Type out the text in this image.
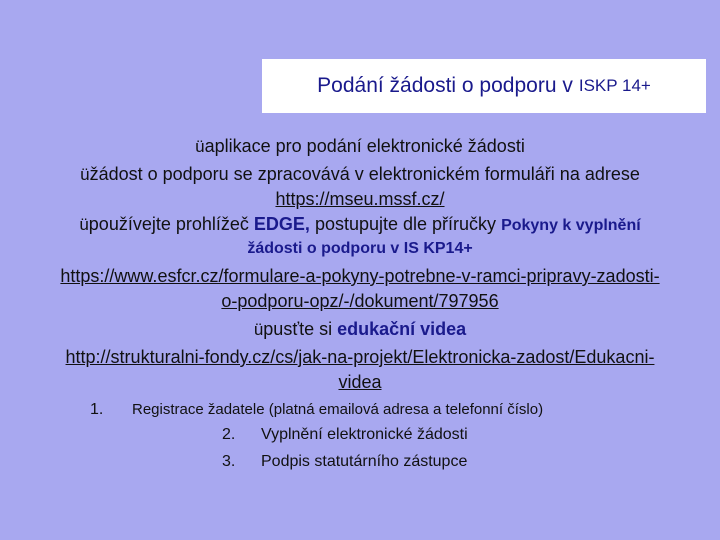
Podání žádosti o podporu v ISKP 14+
üaplikace pro podání elektronické žádosti
üžádost o podporu se zpracovává v elektronickém formuláři na adrese
https://mseu.mssf.cz/
üpoužívejte prohlížeč EDGE, postupujte dle příručky Pokyny k vyplnění
žádosti o podporu v IS KP14+
https://www.esfcr.cz/formulare-a-pokyny-potrebne-v-ramci-pripravy-zadosti-
o-podporu-opz/-/dokument/797956
üpusťte si edukační videa
http://strukturalni-fondy.cz/cs/jak-na-projekt/Elektronicka-zadost/Edukacni-
videa
1. Registrace žadatele (platná emailová adresa a telefonní číslo)
2. Vyplnění elektronické žádosti
3. Podpis statutárního zástupce
